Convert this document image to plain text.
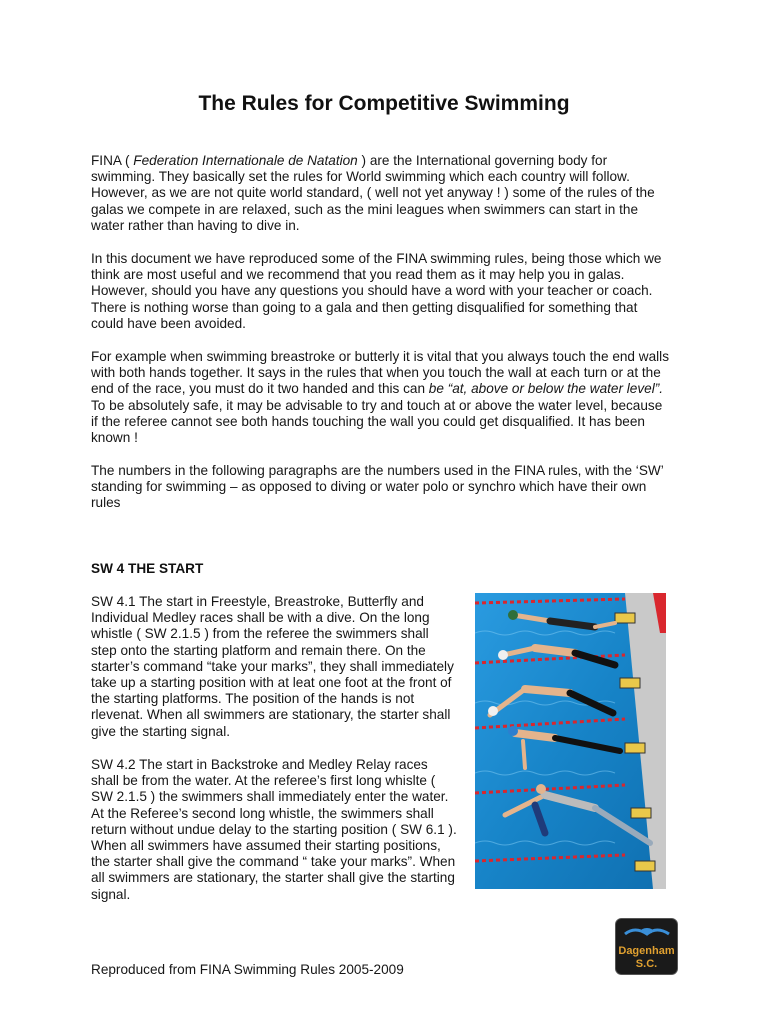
The Rules for Competitive Swimming
FINA ( Federation Internationale de Natation ) are the International governing body for
swimming. They basically set the rules for World swimming which each country will follow.
However, as we are not quite world standard, ( well not yet anyway ! ) some of the rules of the
galas we compete in are relaxed, such as the mini leagues when swimmers can start in the
water rather than having to dive in.
In this document we have reproduced some of the FINA swimming rules, being those which we
think are most useful and we recommend that you read them as it may help you in galas.
However, should you have any questions you should have a word with your teacher or coach.
There is nothing worse than going to a gala and then getting disqualified for something that
could have been avoided.
For example when swimming breastroke or butterly it is vital that you always touch the end walls
with both hands together. It says in the rules that when you touch the wall at each turn or at the
end of the race, you must do it two handed and this can be “at, above or below the water level”.
To be absolutely safe, it may be advisable to try and touch at or above the water level, because
if the referee cannot see both hands touching the wall you could get disqualified. It has been
known !
The numbers in the following paragraphs are the numbers used in the FINA rules, with the ‘SW’
standing for swimming – as opposed to diving or water polo or synchro which have their own
rules
SW 4 THE START
SW 4.1 The start in Freestyle, Breastroke, Butterfly and
Individual Medley races shall be with a dive. On the long
whistle ( SW 2.1.5 ) from the referee the swimmers shall
step onto the starting platform and remain there. On the
starter’s command “take your marks”, they shall immediately
take up a starting position with at leat one foot at the front of
the starting platforms. The position of the hands is not
rlevenat. When all swimmers are stationary, the starter shall
give the starting signal.
SW 4.2 The start in Backstroke and Medley Relay races
shall be from the water. At the referee’s first long whislte (
SW 2.1.5 ) the swimmers shall immediately enter the water.
At the Referee’s second long whistle, the swimmers shall
return without undue delay to the starting position ( SW 6.1 ).
When all swimmers have assumed their starting positions,
the starter shall give the command “ take your marks”. When
all swimmers are stationary, the starter shall give the starting
signal.
Dagenham
S.C.
Reproduced from FINA Swimming Rules 2005-2009
